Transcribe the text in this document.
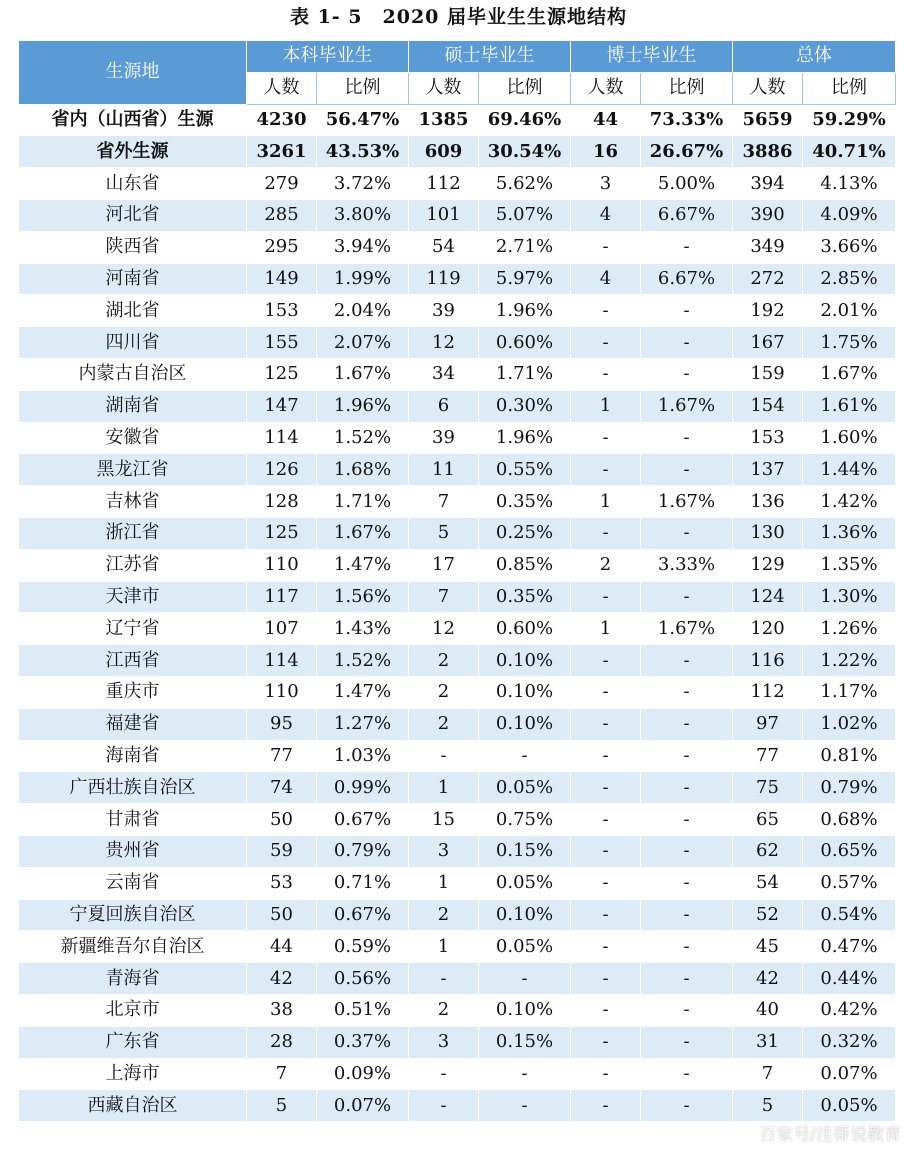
表 1- 5　2020 届毕业生生源地结构
生源地	本科毕业生		硕士毕业生		博士毕业生		总体	
	人数	比例	人数	比例	人数	比例	人数	比例
省内（山西省）生源	4230	56.47%	1385	69.46%	44	73.33%	5659	59.29%
省外生源	3261	43.53%	609	30.54%	16	26.67%	3886	40.71%
山东省	279	3.72%	112	5.62%	3	5.00%	394	4.13%
河北省	285	3.80%	101	5.07%	4	6.67%	390	4.09%
陕西省	295	3.94%	54	2.71%	-	-	349	3.66%
河南省	149	1.99%	119	5.97%	4	6.67%	272	2.85%
湖北省	153	2.04%	39	1.96%	-	-	192	2.01%
四川省	155	2.07%	12	0.60%	-	-	167	1.75%
内蒙古自治区	125	1.67%	34	1.71%	-	-	159	1.67%
湖南省	147	1.96%	6	0.30%	1	1.67%	154	1.61%
安徽省	114	1.52%	39	1.96%	-	-	153	1.60%
黑龙江省	126	1.68%	11	0.55%	-	-	137	1.44%
吉林省	128	1.71%	7	0.35%	1	1.67%	136	1.42%
浙江省	125	1.67%	5	0.25%	-	-	130	1.36%
江苏省	110	1.47%	17	0.85%	2	3.33%	129	1.35%
天津市	117	1.56%	7	0.35%	-	-	124	1.30%
辽宁省	107	1.43%	12	0.60%	1	1.67%	120	1.26%
江西省	114	1.52%	2	0.10%	-	-	116	1.22%
重庆市	110	1.47%	2	0.10%	-	-	112	1.17%
福建省	95	1.27%	2	0.10%	-	-	97	1.02%
海南省	77	1.03%	-	-	-	-	77	0.81%
广西壮族自治区	74	0.99%	1	0.05%	-	-	75	0.79%
甘肃省	50	0.67%	15	0.75%	-	-	65	0.68%
贵州省	59	0.79%	3	0.15%	-	-	62	0.65%
云南省	53	0.71%	1	0.05%	-	-	54	0.57%
宁夏回族自治区	50	0.67%	2	0.10%	-	-	52	0.54%
新疆维吾尔自治区	44	0.59%	1	0.05%	-	-	45	0.47%
青海省	42	0.56%	-	-	-	-	42	0.44%
北京市	38	0.51%	2	0.10%	-	-	40	0.42%
广东省	28	0.37%	3	0.15%	-	-	31	0.32%
上海市	7	0.09%	-	-	-	-	7	0.07%
西藏自治区	5	0.07%	-	-	-	-	5	0.05%
百家号/洼哥说教育
